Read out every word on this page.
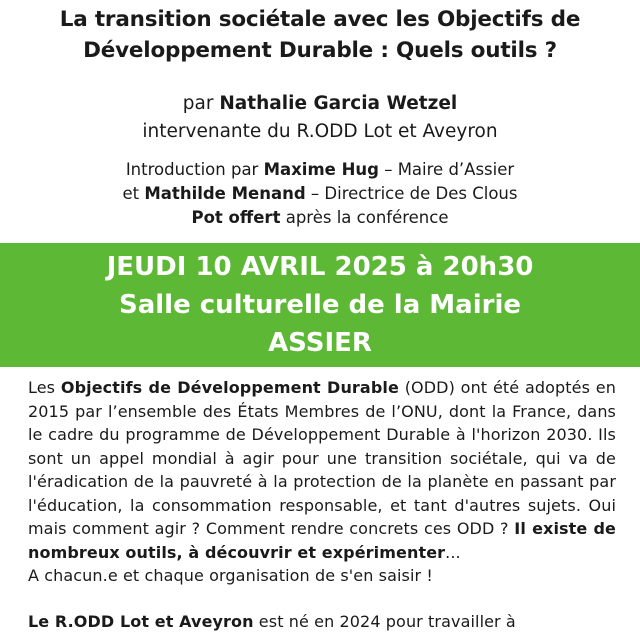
La transition sociétale avec les Objectifs de
Développement Durable : Quels outils ?
par Nathalie Garcia Wetzel
intervenante du R.ODD Lot et Aveyron
Introduction par Maxime Hug – Maire d’Assier
et Mathilde Menand – Directrice de Des Clous
Pot offert après la conférence
JEUDI 10 AVRIL 2025 à 20h30
Salle culturelle de la Mairie
ASSIER

Les Objectifs de Développement Durable (ODD) ont été adoptés en 2015 par l’ensemble des États Membres de l’ONU, dont la France, dans le cadre du programme de Développement Durable à l'horizon 2030. Ils sont un appel mondial à agir pour une transition sociétale, qui va de l'éradication de la pauvreté à la protection de la planète en passant par l'éducation, la consommation responsable, et tant d'autres sujets. Oui mais comment agir ? Comment rendre concrets ces ODD ? Il existe de nombreux outils, à découvrir et expérimenter...

A chacun.e et chaque organisation de s'en saisir !

Le R.ODD Lot et Aveyron est né en 2024 pour travailler à
